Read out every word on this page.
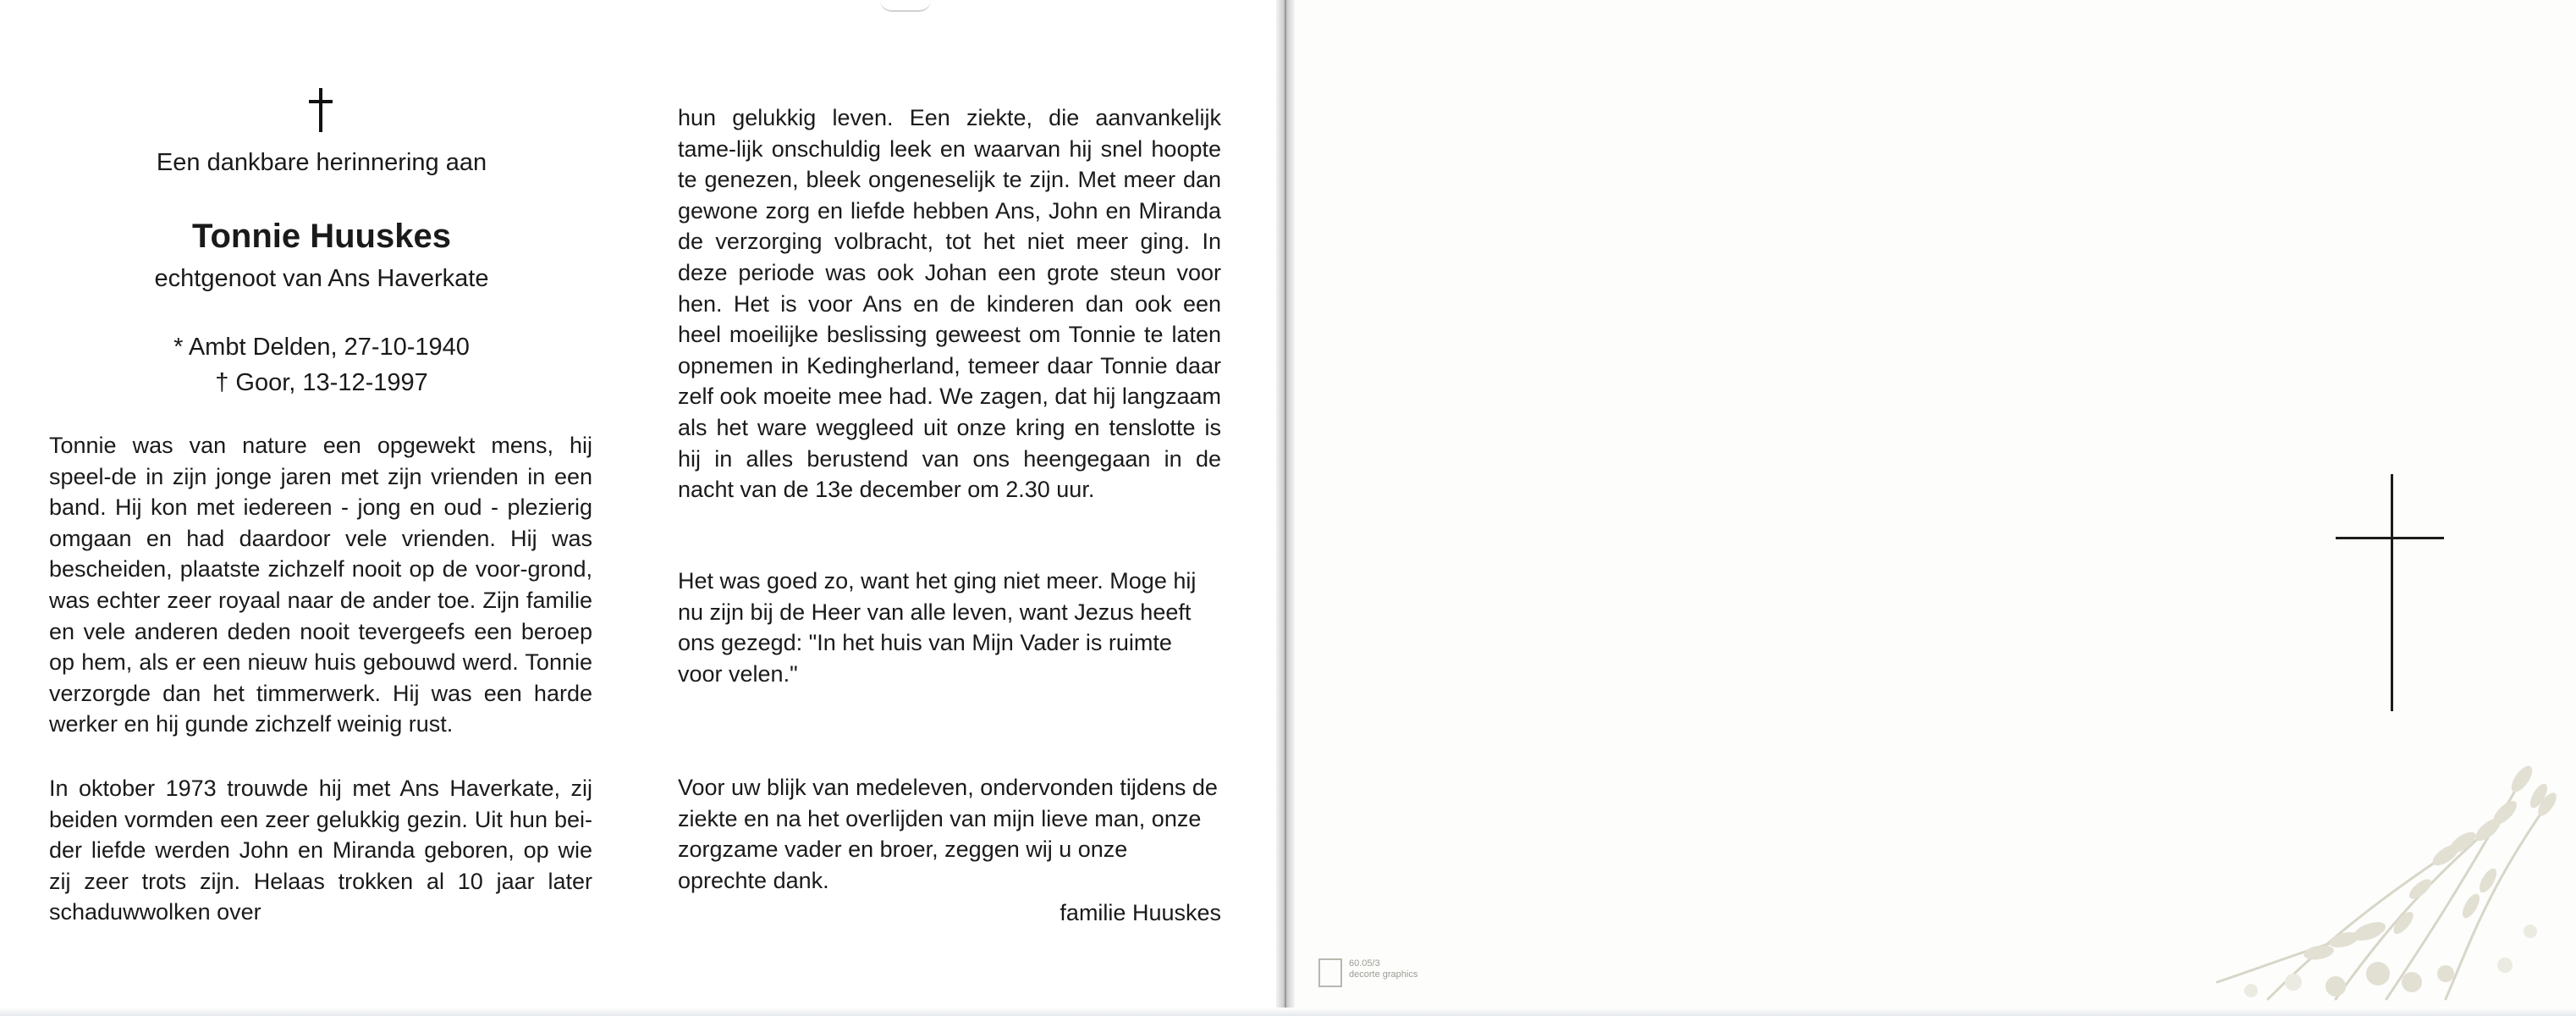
Een dankbare herinnering aan
Tonnie Huuskes
echtgenoot van Ans Haverkate
* Ambt Delden, 27-10-1940
† Goor, 13-12-1997

Tonnie was van nature een opgewekt mens, hij speel-de in zijn jonge jaren met zijn vrienden in een band. Hij kon met iedereen - jong en oud - plezierig omgaan en had daardoor vele vrienden. Hij was bescheiden, plaatste zichzelf nooit op de voor-grond, was echter zeer royaal naar de ander toe. Zijn familie en vele anderen deden nooit tevergeefs een beroep op hem, als er een nieuw huis gebouwd werd. Tonnie verzorgde dan het timmerwerk. Hij was een harde werker en hij gunde zichzelf weinig rust.

In oktober 1973 trouwde hij met Ans Haverkate, zij beiden vormden een zeer gelukkig gezin. Uit hun bei-der liefde werden John en Miranda geboren, op wie zij zeer trots zijn. Helaas trokken al 10 jaar later schaduwwolken over

hun gelukkig leven. Een ziekte, die aanvankelijk tame-lijk onschuldig leek en waarvan hij snel hoopte te genezen, bleek ongeneselijk te zijn. Met meer dan gewone zorg en liefde hebben Ans, John en Miranda de verzorging volbracht, tot het niet meer ging. In deze periode was ook Johan een grote steun voor hen. Het is voor Ans en de kinderen dan ook een heel moeilijke beslissing geweest om Tonnie te laten opnemen in Kedingherland, temeer daar Tonnie daar zelf ook moeite mee had. We zagen, dat hij langzaam als het ware weggleed uit onze kring en tenslotte is hij in alles berustend van ons heengegaan in de nacht van de 13e december om 2.30 uur.

Het was goed zo, want het ging niet meer. Moge hij nu zijn bij de Heer van alle leven, want Jezus heeft ons gezegd: "In het huis van Mijn Vader is ruimte voor velen."

Voor uw blijk van medeleven, ondervonden tijdens de ziekte en na het overlijden van mijn lieve man, onze zorgzame vader en broer, zeggen wij u onze oprechte dank.

familie Huuskes
60.05/3
decorte graphics
